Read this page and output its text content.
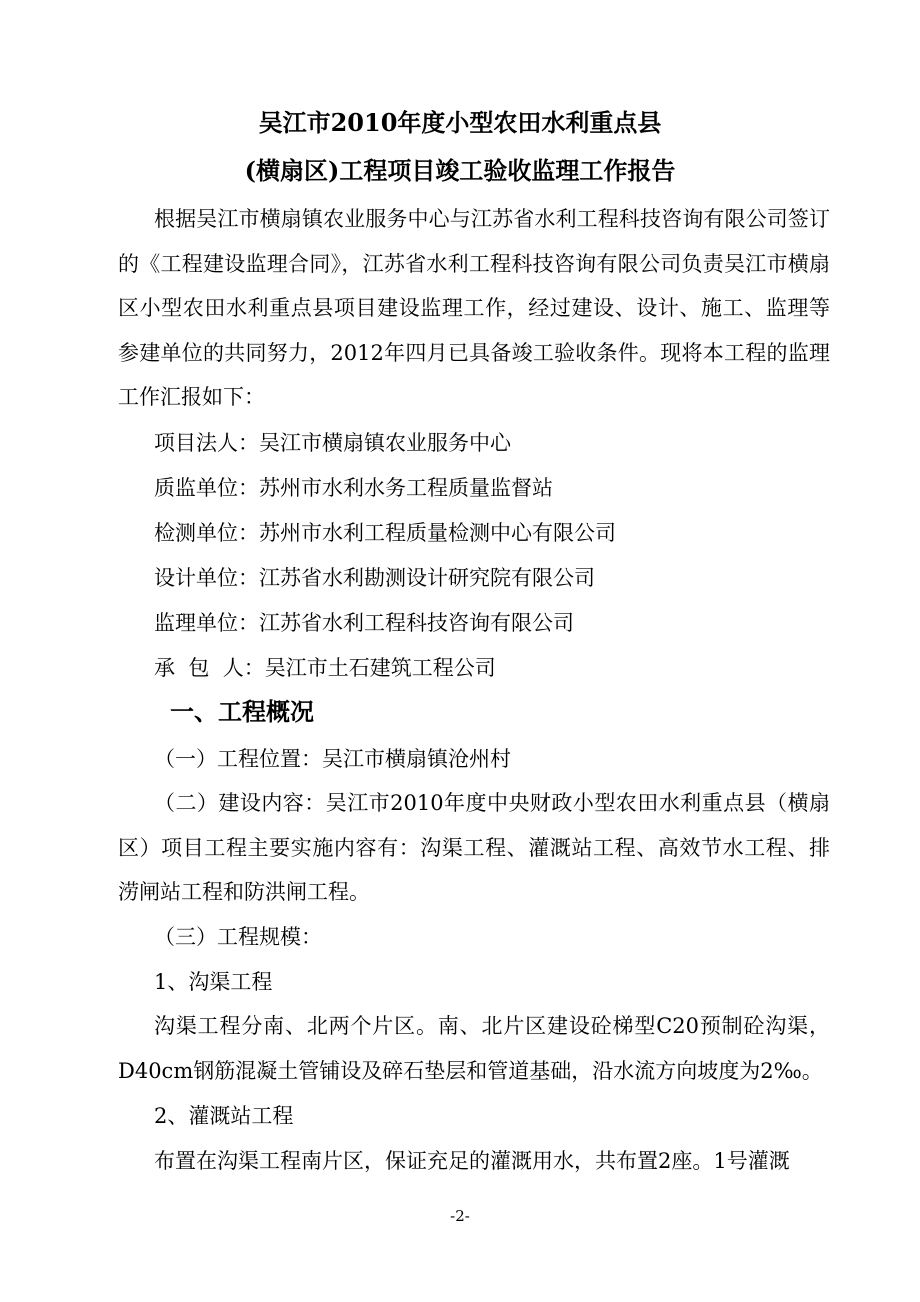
吴江市2010年度小型农田水利重点县
(横扇区)工程项目竣工验收监理工作报告
根据吴江市横扇镇农业服务中心与江苏省水利工程科技咨询有限公司签订的《工程建设监理合同》，江苏省水利工程科技咨询有限公司负责吴江市横扇区小型农田水利重点县项目建设监理工作，经过建设、设计、施工、监理等参建单位的共同努力，2012年四月已具备竣工验收条件。现将本工程的监理工作汇报如下：
项目法人：吴江市横扇镇农业服务中心
质监单位：苏州市水利水务工程质量监督站
检测单位：苏州市水利工程质量检测中心有限公司
设计单位：江苏省水利勘测设计研究院有限公司
监理单位：江苏省水利工程科技咨询有限公司
承  包  人：吴江市土石建筑工程公司
一、工程概况
（一）工程位置：吴江市横扇镇沧州村
（二）建设内容：吴江市2010年度中央财政小型农田水利重点县（横扇区）项目工程主要实施内容有：沟渠工程、灌溉站工程、高效节水工程、排涝闸站工程和防洪闸工程。
（三）工程规模：
1、沟渠工程
沟渠工程分南、北两个片区。南、北片区建设砼梯型C20预制砼沟渠，D40cm钢筋混凝土管铺设及碎石垫层和管道基础，沿水流方向坡度为2‰。
2、灌溉站工程
布置在沟渠工程南片区，保证充足的灌溉用水，共布置2座。1号灌溉
-2-
